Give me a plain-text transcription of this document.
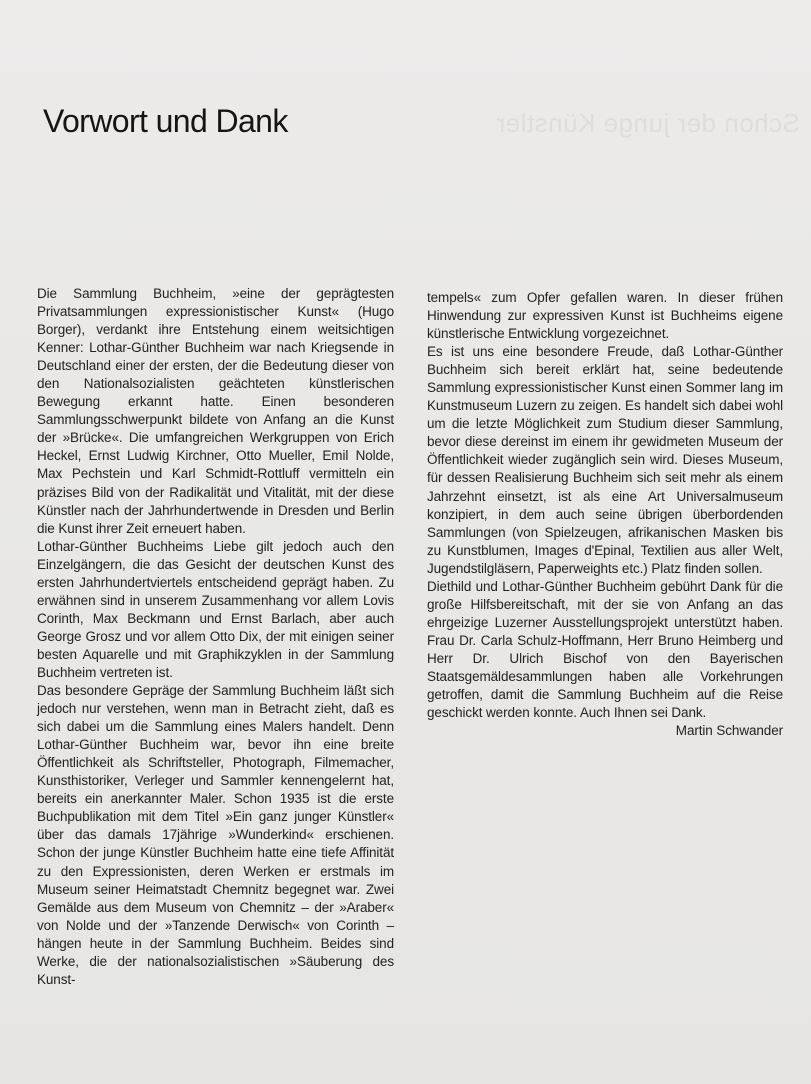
Schon der junge Künstler
Vorwort und Dank

Die Sammlung Buchheim, »eine der geprägtesten Privatsammlungen expressionistischer Kunst« (Hugo Borger), verdankt ihre Entstehung einem weitsichtigen Kenner: Lothar-Günther Buchheim war nach Kriegsende in Deutschland einer der ersten, der die Bedeutung dieser von den Nationalsozialisten geächteten künstlerischen Bewegung erkannt hatte. Einen besonderen Sammlungsschwerpunkt bildete von Anfang an die Kunst der »Brücke«. Die umfangreichen Werkgruppen von Erich Heckel, Ernst Ludwig Kirchner, Otto Mueller, Emil Nolde, Max Pechstein und Karl Schmidt-Rottluff vermitteln ein präzises Bild von der Radikalität und Vitalität, mit der diese Künstler nach der Jahrhundertwende in Dresden und Berlin die Kunst ihrer Zeit erneuert haben.

Lothar-Günther Buchheims Liebe gilt jedoch auch den Einzelgängern, die das Gesicht der deutschen Kunst des ersten Jahrhundertviertels entscheidend geprägt haben. Zu erwähnen sind in unserem Zusammenhang vor allem Lovis Corinth, Max Beckmann und Ernst Barlach, aber auch George Grosz und vor allem Otto Dix, der mit einigen seiner besten Aquarelle und mit Graphikzyklen in der Sammlung Buchheim vertreten ist.

Das besondere Gepräge der Sammlung Buchheim läßt sich jedoch nur verstehen, wenn man in Betracht zieht, daß es sich dabei um die Sammlung eines Malers handelt. Denn Lothar-Günther Buchheim war, bevor ihn eine breite Öffentlichkeit als Schriftsteller, Photograph, Filmemacher, Kunsthistoriker, Verleger und Sammler kennengelernt hat, bereits ein anerkannter Maler. Schon 1935 ist die erste Buchpublikation mit dem Titel »Ein ganz junger Künstler« über das damals 17jährige »Wunderkind« erschienen. Schon der junge Künstler Buchheim hatte eine tiefe Affinität zu den Expressionisten, deren Werken er erstmals im Museum seiner Heimatstadt Chemnitz begegnet war. Zwei Gemälde aus dem Museum von Chemnitz – der »Araber« von Nolde und der »Tanzende Derwisch« von Corinth – hängen heute in der Sammlung Buchheim. Beides sind Werke, die der nationalsozialistischen »Säuberung des Kunst-

tempels« zum Opfer gefallen waren. In dieser frühen Hinwendung zur expressiven Kunst ist Buchheims eigene künstlerische Entwicklung vorgezeichnet.

Es ist uns eine besondere Freude, daß Lothar-Günther Buchheim sich bereit erklärt hat, seine bedeutende Sammlung expressionistischer Kunst einen Sommer lang im Kunstmuseum Luzern zu zeigen. Es handelt sich dabei wohl um die letzte Möglichkeit zum Studium dieser Sammlung, bevor diese dereinst im einem ihr gewidmeten Museum der Öffentlichkeit wieder zugänglich sein wird. Dieses Museum, für dessen Realisierung Buchheim sich seit mehr als einem Jahrzehnt einsetzt, ist als eine Art Universalmuseum konzipiert, in dem auch seine übrigen überbordenden Sammlungen (von Spielzeugen, afrikanischen Masken bis zu Kunstblumen, Images d'Epinal, Textilien aus aller Welt, Jugendstilgläsern, Paperweights etc.) Platz finden sollen.

Diethild und Lothar-Günther Buchheim gebührt Dank für die große Hilfsbereitschaft, mit der sie von Anfang an das ehrgeizige Luzerner Ausstellungsprojekt unterstützt haben. Frau Dr. Carla Schulz-Hoffmann, Herr Bruno Heimberg und Herr Dr. Ulrich Bischof von den Bayerischen Staatsgemäldesammlungen haben alle Vorkehrungen getroffen, damit die Sammlung Buchheim auf die Reise geschickt werden konnte. Auch Ihnen sei Dank.

Martin Schwander
